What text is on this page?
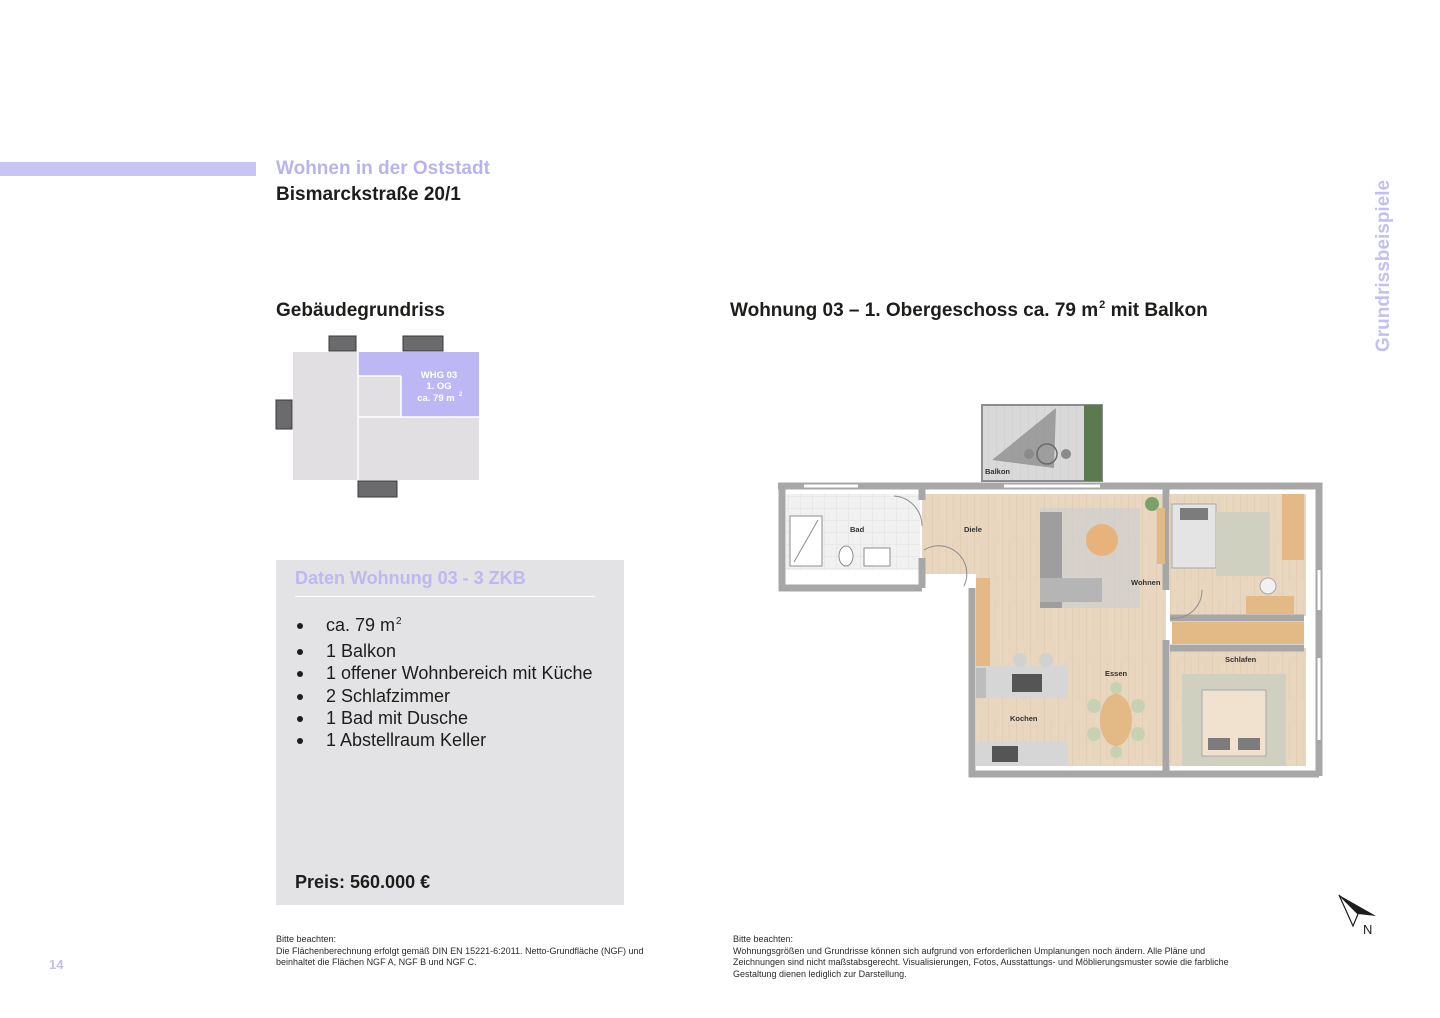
Wohnen in der Oststadt
Bismarckstraße 20/1	Grundrissbeispiele
Gebäudegrundriss
WHG 03
1. OG
ca. 79 m 2
Wohnung 03 – 1. Obergeschoss ca. 79 $m^2$ mit Balkon
Balkon
Bad	Diele
Wohnen
Schlafen
Essen
Kochen
Daten Wohnung 03 - 3 ZKB
ca. 79 $m^2$
1 Balkon
1 offener Wohnbereich mit Küche
2 Schlafzimmer
1 Bad mit Dusche
1 Abstellraum Keller
Preis: 560.000 €
Bitte beachten:
Die Flächenberechnung erfolgt gemäß DIN EN 15221-6:2011. Netto-Grundfläche (NGF) und
beinhaltet die Flächen NGF A, NGF B und NGF C.
Bitte beachten:
Wohnungsgrößen und Grundrisse können sich aufgrund von erforderlichen Umplanungen noch ändern. Alle Pläne und
Zeichnungen sind nicht maßstabsgerecht. Visualisierungen, Fotos, Ausstattungs- und Möblierungsmuster sowie die farbliche
Gestaltung dienen lediglich zur Darstellung.
14
N
